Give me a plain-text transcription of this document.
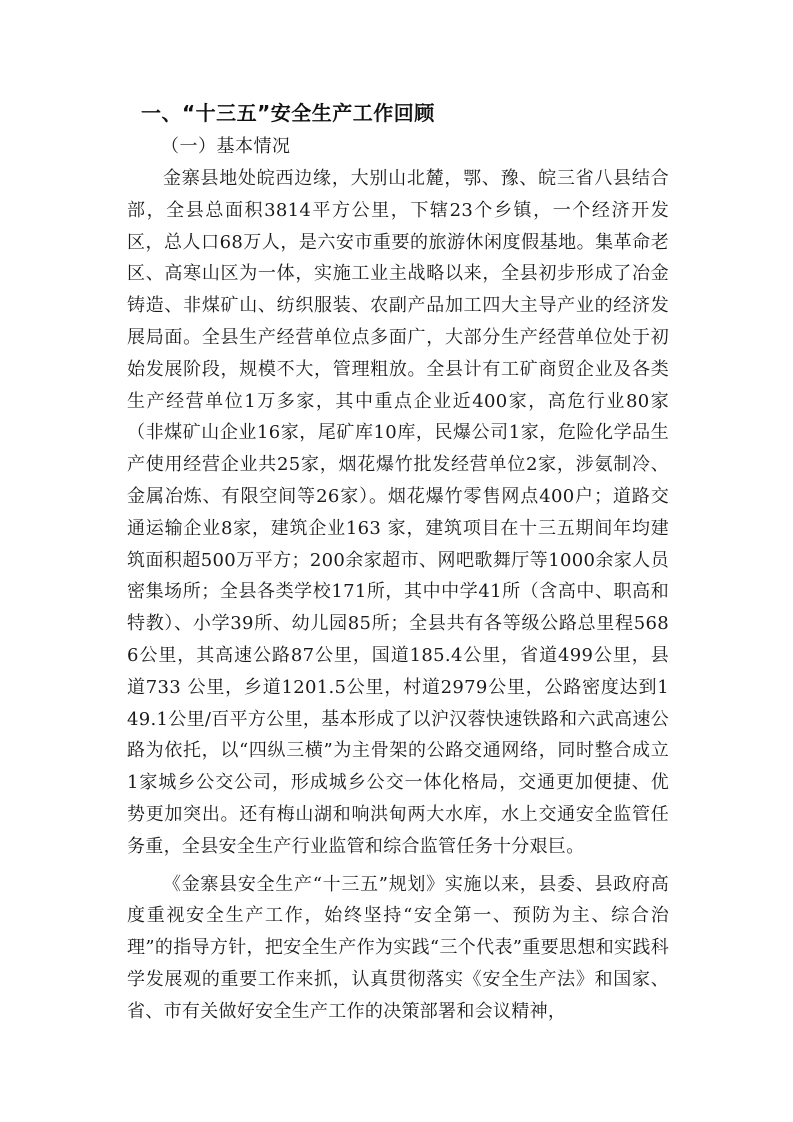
一、“十三五”安全生产工作回顾

（一）基本情况

金寨县地处皖西边缘，大别山北麓，鄂、豫、皖三省八县结合部，全县总面积3814平方公里，下辖23个乡镇，一个经济开发区，总人口68万人，是六安市重要的旅游休闲度假基地。集革命老区、高寒山区为一体，实施工业主战略以来，全县初步形成了冶金铸造、非煤矿山、纺织服装、农副产品加工四大主导产业的经济发展局面。全县生产经营单位点多面广，大部分生产经营单位处于初始发展阶段，规模不大，管理粗放。全县计有工矿商贸企业及各类生产经营单位1万多家，其中重点企业近400家，高危行业80家（非煤矿山企业16家，尾矿库10库，民爆公司1家，危险化学品生产使用经营企业共25家，烟花爆竹批发经营单位2家，涉氨制冷、金属冶炼、有限空间等26家）。烟花爆竹零售网点400户；道路交通运输企业8家，建筑企业163 家，建筑项目在十三五期间年均建筑面积超500万平方；200余家超市、网吧歌舞厅等1000余家人员密集场所；全县各类学校171所，其中中学41所（含高中、职高和特教）、小学39所、幼儿园85所；全县共有各等级公路总里程5686公里，其高速公路87公里，国道185.4公里，省道499公里，县道733 公里，乡道1201.5公里，村道2979公里，公路密度达到149.1公里/百平方公里，基本形成了以沪汉蓉快速铁路和六武高速公路为依托，以“四纵三横”为主骨架的公路交通网络，同时整合成立1家城乡公交公司，形成城乡公交一体化格局，交通更加便捷、优势更加突出。还有梅山湖和响洪甸两大水库，水上交通安全监管任务重，全县安全生产行业监管和综合监管任务十分艰巨。

《金寨县安全生产“十三五”规划》实施以来，县委、县政府高度重视安全生产工作，始终坚持“安全第一、预防为主、综合治理”的指导方针，把安全生产作为实践“三个代表”重要思想和实践科学发展观的重要工作来抓，认真贯彻落实《安全生产法》和国家、省、市有关做好安全生产工作的决策部署和会议精神，
